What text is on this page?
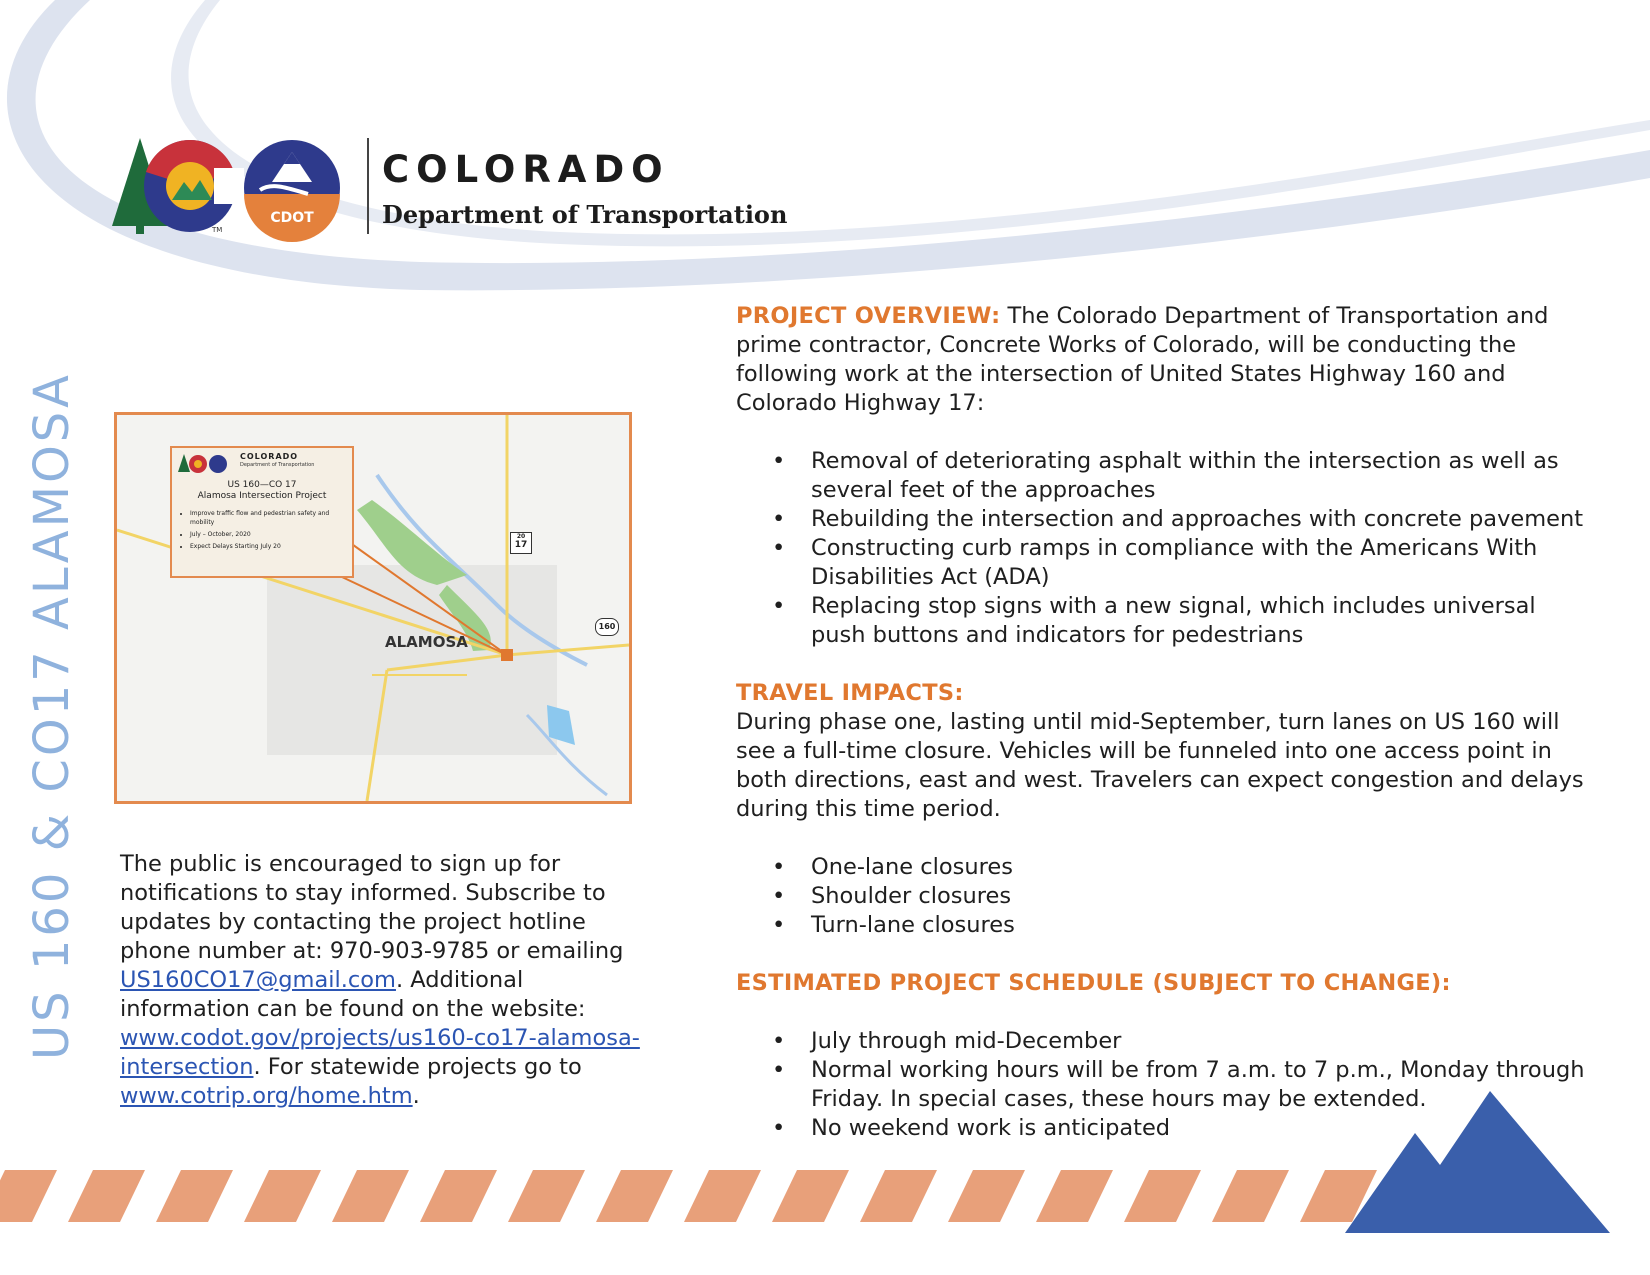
CDOT
TM
COLORADO
Department of Transportation
US 160 & CO17 ALAMOSA	COLORADO
Department of Transportation
US 160—CO 17
Alamosa Intersection Project
• Improve traffic flow and pedestrian safety and mobility
• July – October, 2020
• Expect Delays Starting July 20
ALAMOSA
20
17
160
The public is encouraged to sign up for notifications to stay informed. Subscribe to updates by contacting the project hotline phone number at: 970-903-9785 or emailing US160CO17@gmail.com. Additional information can be found on the website: www.codot.gov/projects/us160-co17-alamosa-intersection. For statewide projects go to www.cotrip.org/home.htm.
PROJECT OVERVIEW: The Colorado Department of Transportation and prime contractor, Concrete Works of Colorado, will be conducting the following work at the intersection of United States Highway 160 and Colorado Highway 17:
• Removal of deteriorating asphalt within the intersection as well as several feet of the approaches
• Rebuilding the intersection and approaches with concrete pavement
• Constructing curb ramps in compliance with the Americans With Disabilities Act (ADA)
• Replacing stop signs with a new signal, which includes universal push buttons and indicators for pedestrians
TRAVEL IMPACTS:
During phase one, lasting until mid-September, turn lanes on US 160 will see a full-time closure. Vehicles will be funneled into one access point in both directions, east and west. Travelers can expect congestion and delays during this time period.
• One-lane closures
• Shoulder closures
• Turn-lane closures
ESTIMATED PROJECT SCHEDULE (SUBJECT TO CHANGE):
• July through mid-December
• Normal working hours will be from 7 a.m. to 7 p.m., Monday through Friday. In special cases, these hours may be extended.
• No weekend work is anticipated
